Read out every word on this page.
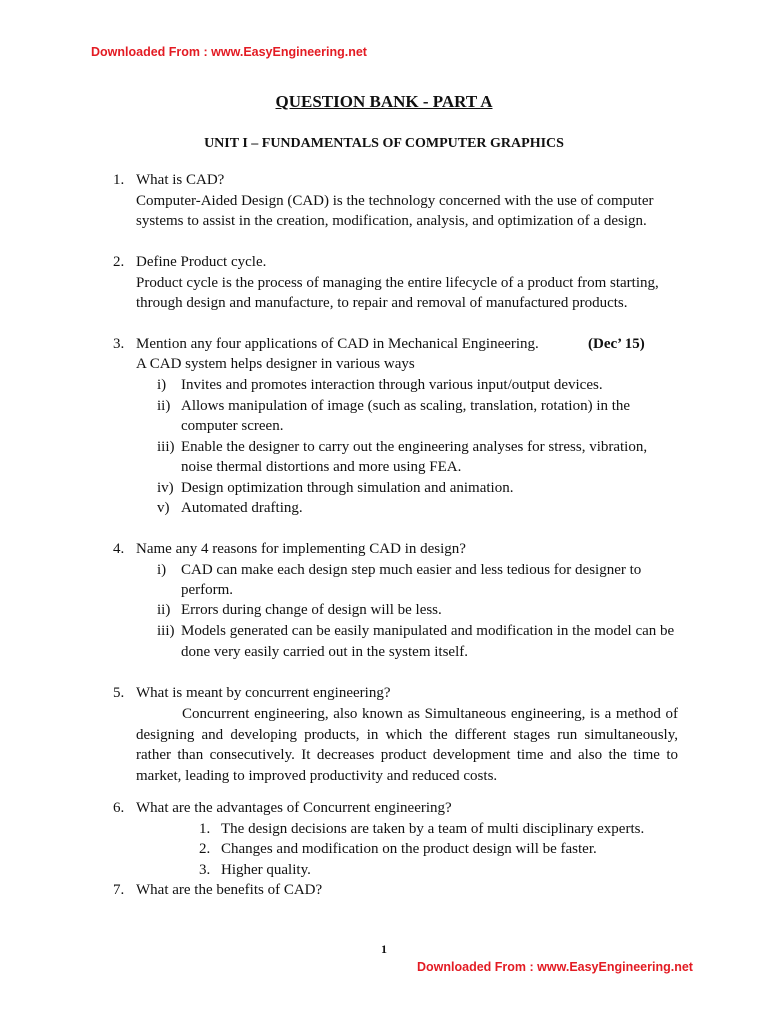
Downloaded From : www.EasyEngineering.net
QUESTION BANK - PART A
UNIT I – FUNDAMENTALS OF COMPUTER GRAPHICS
1. What is CAD?
Computer-Aided Design (CAD) is the technology concerned with the use of computer
systems to assist in the creation, modification, analysis, and optimization of a design.
2. Define Product cycle.
Product cycle is the process of managing the entire lifecycle of a product from starting,
through design and manufacture, to repair and removal of manufactured products.
3. Mention any four applications of CAD in Mechanical Engineering.	(Dec’ 15)
A CAD system helps designer in various ways
i) Invites and promotes interaction through various input/output devices.
ii) Allows manipulation of image (such as scaling, translation, rotation) in the
computer screen.
iii) Enable the designer to carry out the engineering analyses for stress, vibration,
noise thermal distortions and more using FEA.
iv) Design optimization through simulation and animation.
v) Automated drafting.
4. Name any 4 reasons for implementing CAD in design?
i) CAD can make each design step much easier and less tedious for designer to
perform.
ii) Errors during change of design will be less.
iii) Models generated can be easily manipulated and modification in the model can be
done very easily carried out in the system itself.
5. What is meant by concurrent engineering?

Concurrent engineering, also known as Simultaneous engineering, is a method of designing and developing products, in which the different stages run simultaneously, rather than consecutively. It decreases product development time and also the time to market, leading to improved productivity and reduced costs.

6. What are the advantages of Concurrent engineering?
1. The design decisions are taken by a team of multi disciplinary experts.
2. Changes and modification on the product design will be faster.
3. Higher quality.
7. What are the benefits of CAD?
1
Downloaded From : www.EasyEngineering.net
